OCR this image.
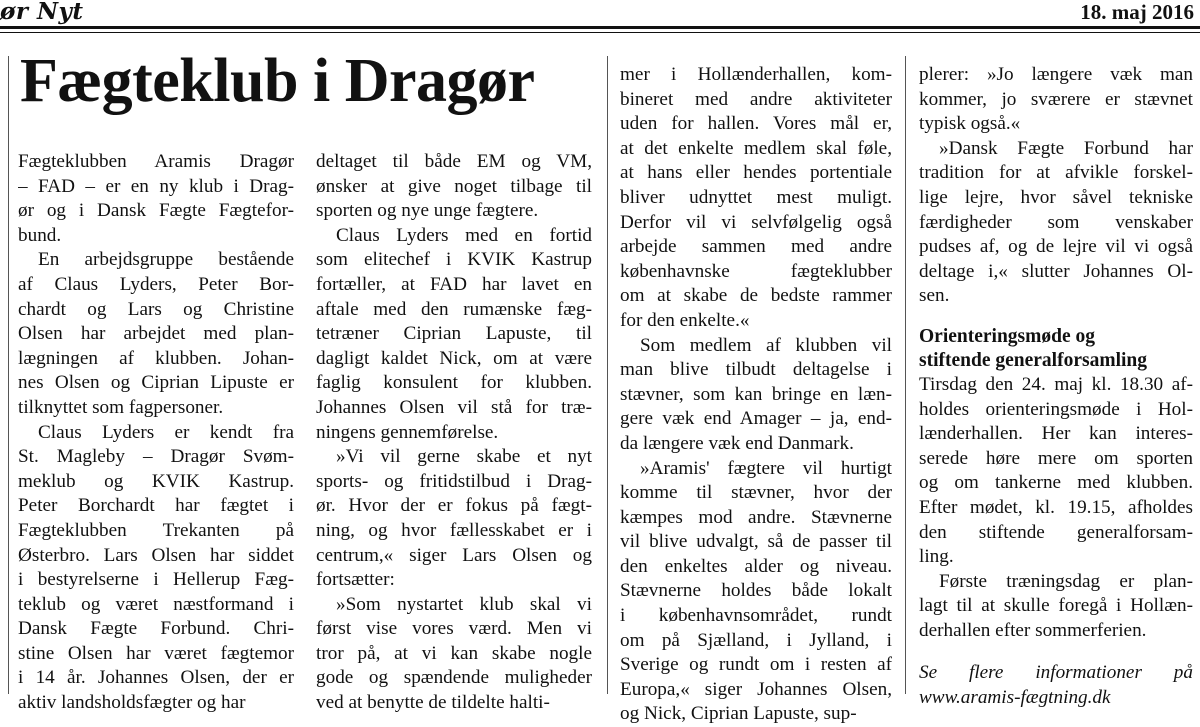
ør Nyt	18. maj 2016
Fægteklub i Dragør
Fægteklubben Aramis Dragør
– FAD – er en ny klub i Drag-
ør og i Dansk Fægte Fægtefor-
bund.
En arbejdsgruppe bestående
af Claus Lyders, Peter Bor-
chardt og Lars og Christine
Olsen har arbejdet med plan-
lægningen af klubben. Johan-
nes Olsen og Ciprian Lipuste er
tilknyttet som fagpersoner.
Claus Lyders er kendt fra
St. Magleby – Dragør Svøm-
meklub og KVIK Kastrup.
Peter Borchardt har fægtet i
Fægteklubben Trekanten på
Østerbro. Lars Olsen har siddet
i bestyrelserne i Hellerup Fæg-
teklub og været næstformand i
Dansk Fægte Forbund. Chri-
stine Olsen har været fægtemor
i 14 år. Johannes Olsen, der er
aktiv landsholdsfægter og har
deltaget til både EM og VM,
ønsker at give noget tilbage til
sporten og nye unge fægtere.
Claus Lyders med en fortid
som elitechef i KVIK Kastrup
fortæller, at FAD har lavet en
aftale med den rumænske fæg-
tetræner Ciprian Lapuste, til
dagligt kaldet Nick, om at være
faglig konsulent for klubben.
Johannes Olsen vil stå for træ-
ningens gennemførelse.
»Vi vil gerne skabe et nyt
sports- og fritidstilbud i Drag-
ør. Hvor der er fokus på fægt-
ning, og hvor fællesskabet er i
centrum,« siger Lars Olsen og
fortsætter:
»Som nystartet klub skal vi
først vise vores værd. Men vi
tror på, at vi kan skabe nogle
gode og spændende muligheder
ved at benytte de tildelte halti-
mer i Hollænderhallen, kom-
bineret med andre aktiviteter
uden for hallen. Vores mål er,
at det enkelte medlem skal føle,
at hans eller hendes portentiale
bliver udnyttet mest muligt.
Derfor vil vi selvfølgelig også
arbejde sammen med andre
københavnske fægteklubber
om at skabe de bedste rammer
for den enkelte.«
Som medlem af klubben vil
man blive tilbudt deltagelse i
stævner, som kan bringe en læn-
gere væk end Amager – ja, end-
da længere væk end Danmark.
»Aramis' fægtere vil hurtigt
komme til stævner, hvor der
kæmpes mod andre. Stævnerne
vil blive udvalgt, så de passer til
den enkeltes alder og niveau.
Stævnerne holdes både lokalt
i københavnsområdet, rundt
om på Sjælland, i Jylland, i
Sverige og rundt om i resten af
Europa,« siger Johannes Olsen,
og Nick, Ciprian Lapuste, sup-
plerer: »Jo længere væk man
kommer, jo sværere er stævnet
typisk også.«
»Dansk Fægte Forbund har
tradition for at afvikle forskel-
lige lejre, hvor såvel tekniske
færdigheder som venskaber
pudses af, og de lejre vil vi også
deltage i,« slutter Johannes Ol-
sen.
Orienteringsmøde og
stiftende generalforsamling
Tirsdag den 24. maj kl. 18.30 af-
holdes orienteringsmøde i Hol-
lænderhallen. Her kan interes-
serede høre mere om sporten
og om tankerne med klubben.
Efter mødet, kl. 19.15, afholdes
den stiftende generalforsam-
ling.
Første træningsdag er plan-
lagt til at skulle foregå i Hollæn-
derhallen efter sommerferien.
Se flere informationer på
www.aramis-fægtning.dk
